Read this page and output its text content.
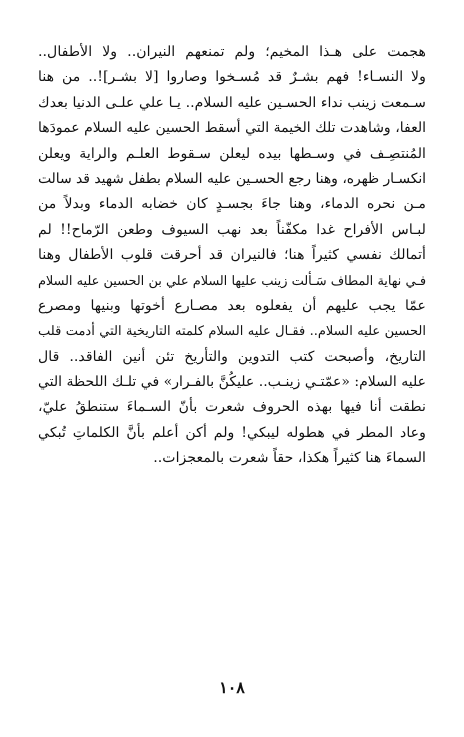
هجمت على هـذا المخيم؛ ولم تمنعهم النيران.. ولا الأطفال..
ولا النسـاء! فهم بشـرٌ قد مُسـخوا وصاروا [لا بشـر]!.. من هنا
سـمعت زينب نداء الحسـين عليه السلام.. يـا علي علـى الدنيا بعدك
العفا، وشاهدت تلك الخيمة التي أسقط الحسين عليه السلام عمودَها
المُنتصِـف في وسـطها بيده ليعلن سـقوط العلـم والراية ويعلن
انكسـار ظهره، وهنا رجع الحسـين عليه السلام بطفل شهيد قد سالت
مـن نحره الدماء، وهنا جاءَ بجسـدٍ كان خضابه الدماء وبدلاً من
لبـاس الأفراح غدا مكفّناً بعد نهب السيوف وطعن الرّماح!! لم
أتمالك نفسي كثيراً هنا؛ فالنيران قد أحرقت قلوب الأطفال وهنا
فـي نهاية المطاف سَـألت زينب عليها السلام علي بن الحسين عليه السلام
عمّا يجب عليهم أن يفعلوه بعد مصـارع أخوتها وبنيها ومصرع
الحسين عليه السلام.. فقـال عليه السلام كلمته التاريخية التي أدمت قلب
التاريخ، وأصبحت كتب التدوين والتأريخ تئن أنين الفاقد.. قال
عليه السلام: «عمّتـي زينـب.. عليكُنَّ بالفـرار» في تلـك اللحظة التي
نطقت أنا فيها بهذه الحروف شعرت بأنّ السـماءَ ستنطقُ عليّ،
وعاد المطر في هطوله ليبكي! ولم أكن أعلم بأنَّ الكلماتِ تُبكي
السماءَ هنا كثيراً هكذا، حقاً شعرت بالمعجزات..
١٠٨
